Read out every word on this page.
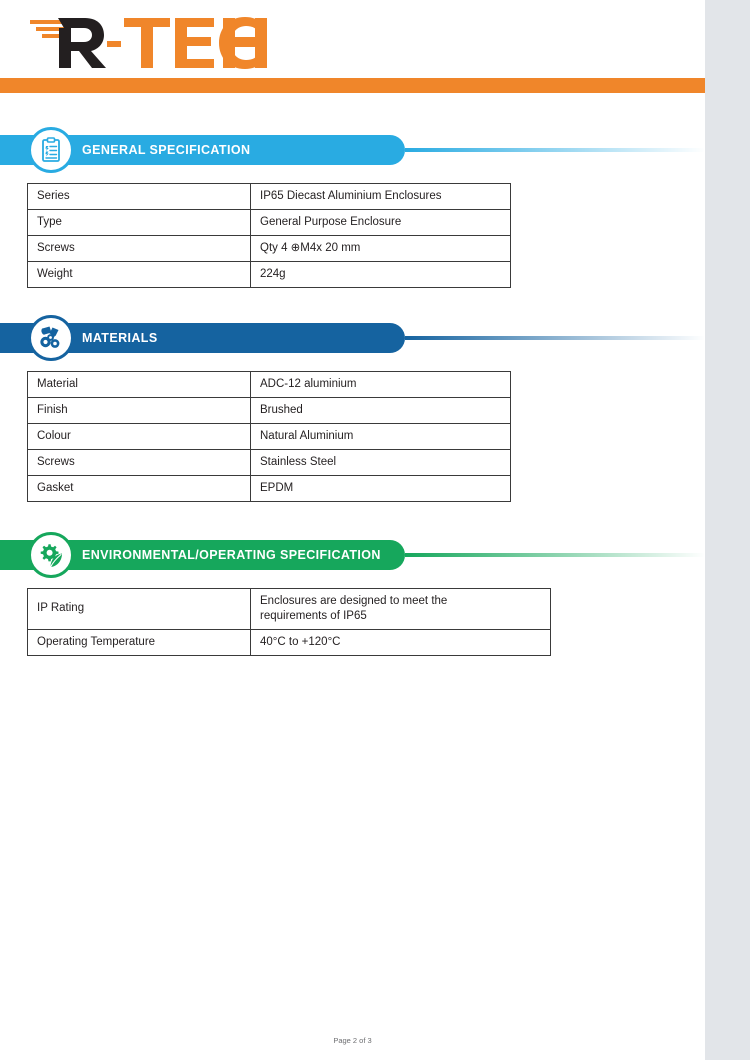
GENERAL SPECIFICATION
Series	IP65 Diecast Aluminium Enclosures
Type	General Purpose Enclosure
Screws	Qty 4 ⊕M4x 20 mm
Weight	224g
MATERIALS
Material	ADC-12 aluminium
Finish	Brushed
Colour	Natural Aluminium
Screws	Stainless Steel
Gasket	EPDM
ENVIRONMENTAL/OPERATING SPECIFICATION
IP Rating	Enclosures are designed to meet the requirements of IP65
Operating Temperature	40°C to +120°C
Page 2 of 3
